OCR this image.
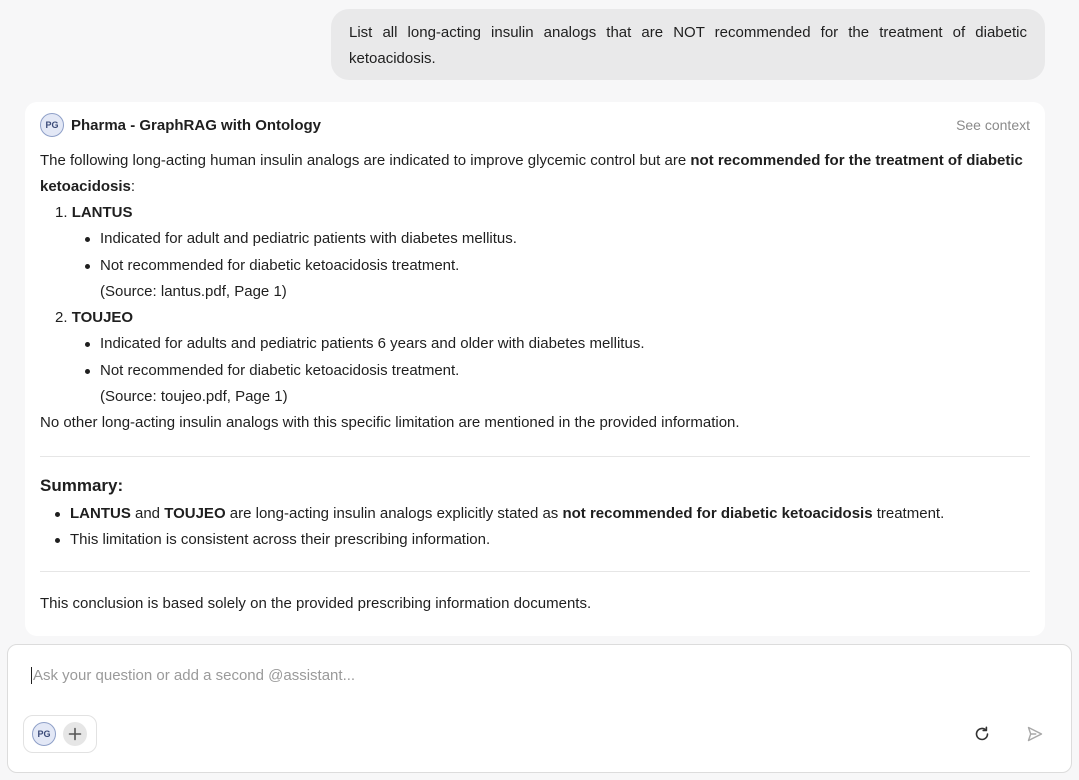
List all long-acting insulin analogs that are NOT recommended for the treatment of diabetic ketoacidosis.
PG Pharma - GraphRAG with Ontology	See context

The following long-acting human insulin analogs are indicated to improve glycemic control but are not recommended for the treatment of diabetic ketoacidosis:

1. LANTUS
Indicated for adult and pediatric patients with diabetes mellitus.
Not recommended for diabetic ketoacidosis treatment.
(Source: lantus.pdf, Page 1)
2. TOUJEO
Indicated for adults and pediatric patients 6 years and older with diabetes mellitus.
Not recommended for diabetic ketoacidosis treatment.
(Source: toujeo.pdf, Page 1)

No other long-acting insulin analogs with this specific limitation are mentioned in the provided information.

Summary:
LANTUS and TOUJEO are long-acting insulin analogs explicitly stated as not recommended for diabetic ketoacidosis treatment.
This limitation is consistent across their prescribing information.

This conclusion is based solely on the provided prescribing information documents.

Ask your question or add a second @assistant...
PG
